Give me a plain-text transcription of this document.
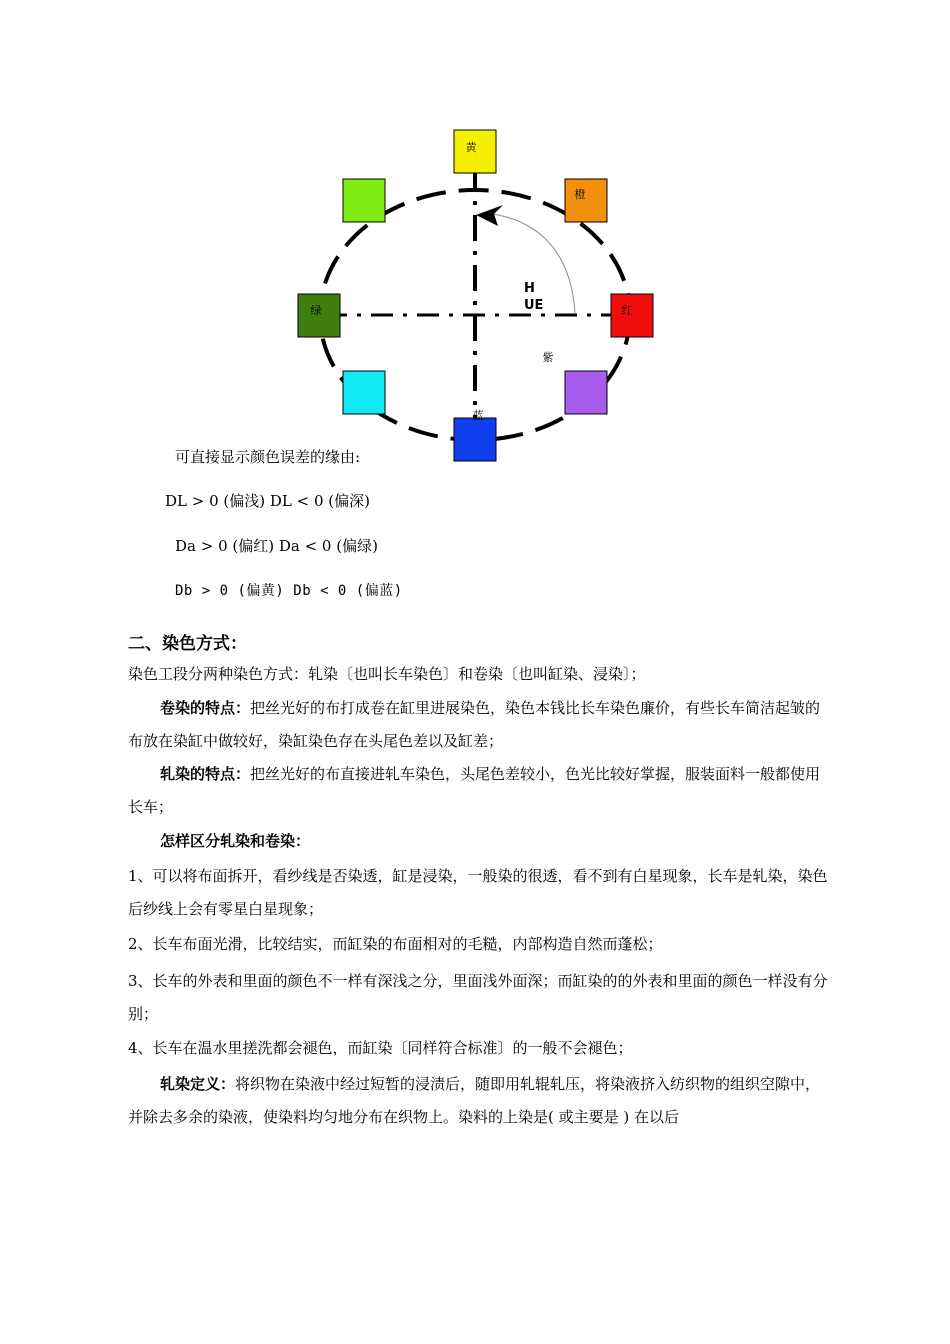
黄
橙
红
蓝
绿
H
UE
紫
可直接显示颜色误差的缘由:
DL > 0 (偏浅) DL < 0 (偏深)
Da > 0 (偏红) Da < 0 (偏绿)
Db > 0 (偏黄) Db < 0 (偏蓝)
二、染色方式：
染色工段分两种染色方式：轧染〔也叫长车染色〕和卷染〔也叫缸染、浸染〕；
卷染的特点：把丝光好的布打成卷在缸里进展染色，染色本钱比长车染色廉价，有些长车简洁起皱的布放在染缸中做较好，染缸染色存在头尾色差以及缸差；
轧染的特点：把丝光好的布直接进轧车染色，头尾色差较小，色光比较好掌握，服装面料一般都使用长车；
怎样区分轧染和卷染：
1、可以将布面拆开，看纱线是否染透，缸是浸染，一般染的很透，看不到有白星现象，长车是轧染，染色后纱线上会有零星白星现象；
2、长车布面光滑，比较结实，而缸染的布面相对的毛糙，内部构造自然而蓬松；
3、长车的外表和里面的颜色不一样有深浅之分，里面浅外面深；而缸染的的外表和里面的颜色一样没有分别；
4、长车在温水里搓洗都会褪色，而缸染〔同样符合标准〕的一般不会褪色；
轧染定义：将织物在染液中经过短暂的浸渍后，随即用轧辊轧压，将染液挤入纺织物的组织空隙中，并除去多余的染液，使染料均匀地分布在织物上。染料的上染是( 或主要是 ) 在以后
